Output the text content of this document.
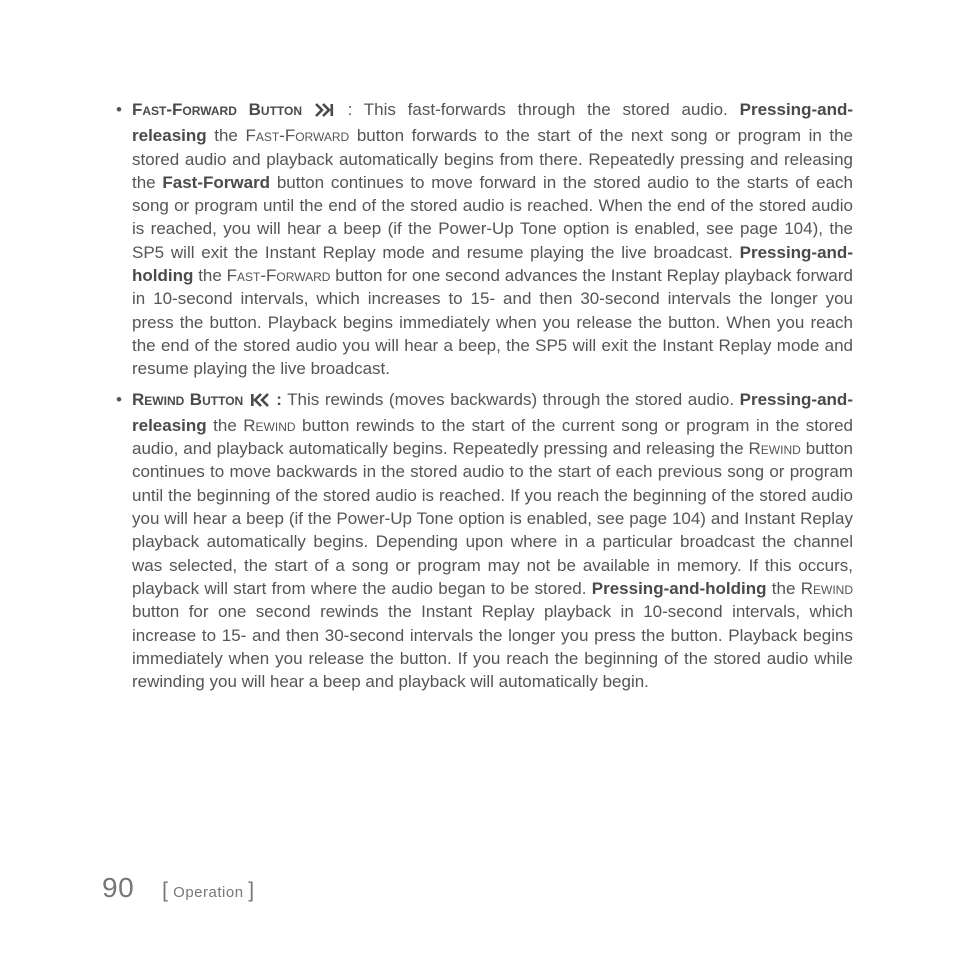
• Fast-Forward Button	: This fast-forwards through the stored audio. Pressing-and-releasing the Fast-Forward button forwards to the start of the next song or program in the stored audio and playback automatically begins from there. Repeatedly pressing and releasing the Fast-Forward button continues to move forward in the stored audio to the starts of each song or program until the end of the stored audio is reached. When the end of the stored audio is reached, you will hear a beep (if the Power-Up Tone option is enabled, see page 104), the SP5 will exit the Instant Replay mode and resume playing the live broadcast. Pressing-and-holding the Fast-Forward button for one second advances the Instant Replay playback forward in 10-second intervals, which increases to 15- and then 30-second intervals the longer you press the button. Playback begins immediately when you release the button. When you reach the end of the stored audio you will hear a beep, the SP5 will exit the Instant Replay mode and resume playing the live broadcast.
• Rewind Button : This rewinds (moves backwards) through the stored audio. Pressing-and-releasing the Rewind button rewinds to the start of the current song or program in the stored audio, and playback automatically begins. Repeatedly pressing and releasing the Rewind button continues to move backwards in the stored audio to the start of each previous song or program until the beginning of the stored audio is reached. If you reach the beginning of the stored audio you will hear a beep (if the Power-Up Tone option is enabled, see page 104) and Instant Replay playback automatically begins. Depending upon where in a particular broadcast the channel was selected, the start of a song or program may not be available in memory. If this occurs, playback will start from where the audio began to be stored. Pressing-and-holding the Rewind button for one second rewinds the Instant Replay playback in 10-second intervals, which increase to 15- and then 30-second intervals the longer you press the button. Playback begins immediately when you release the button. If you reach the beginning of the stored audio while rewinding you will hear a beep and playback will automatically begin.
90 [ Operation ]
